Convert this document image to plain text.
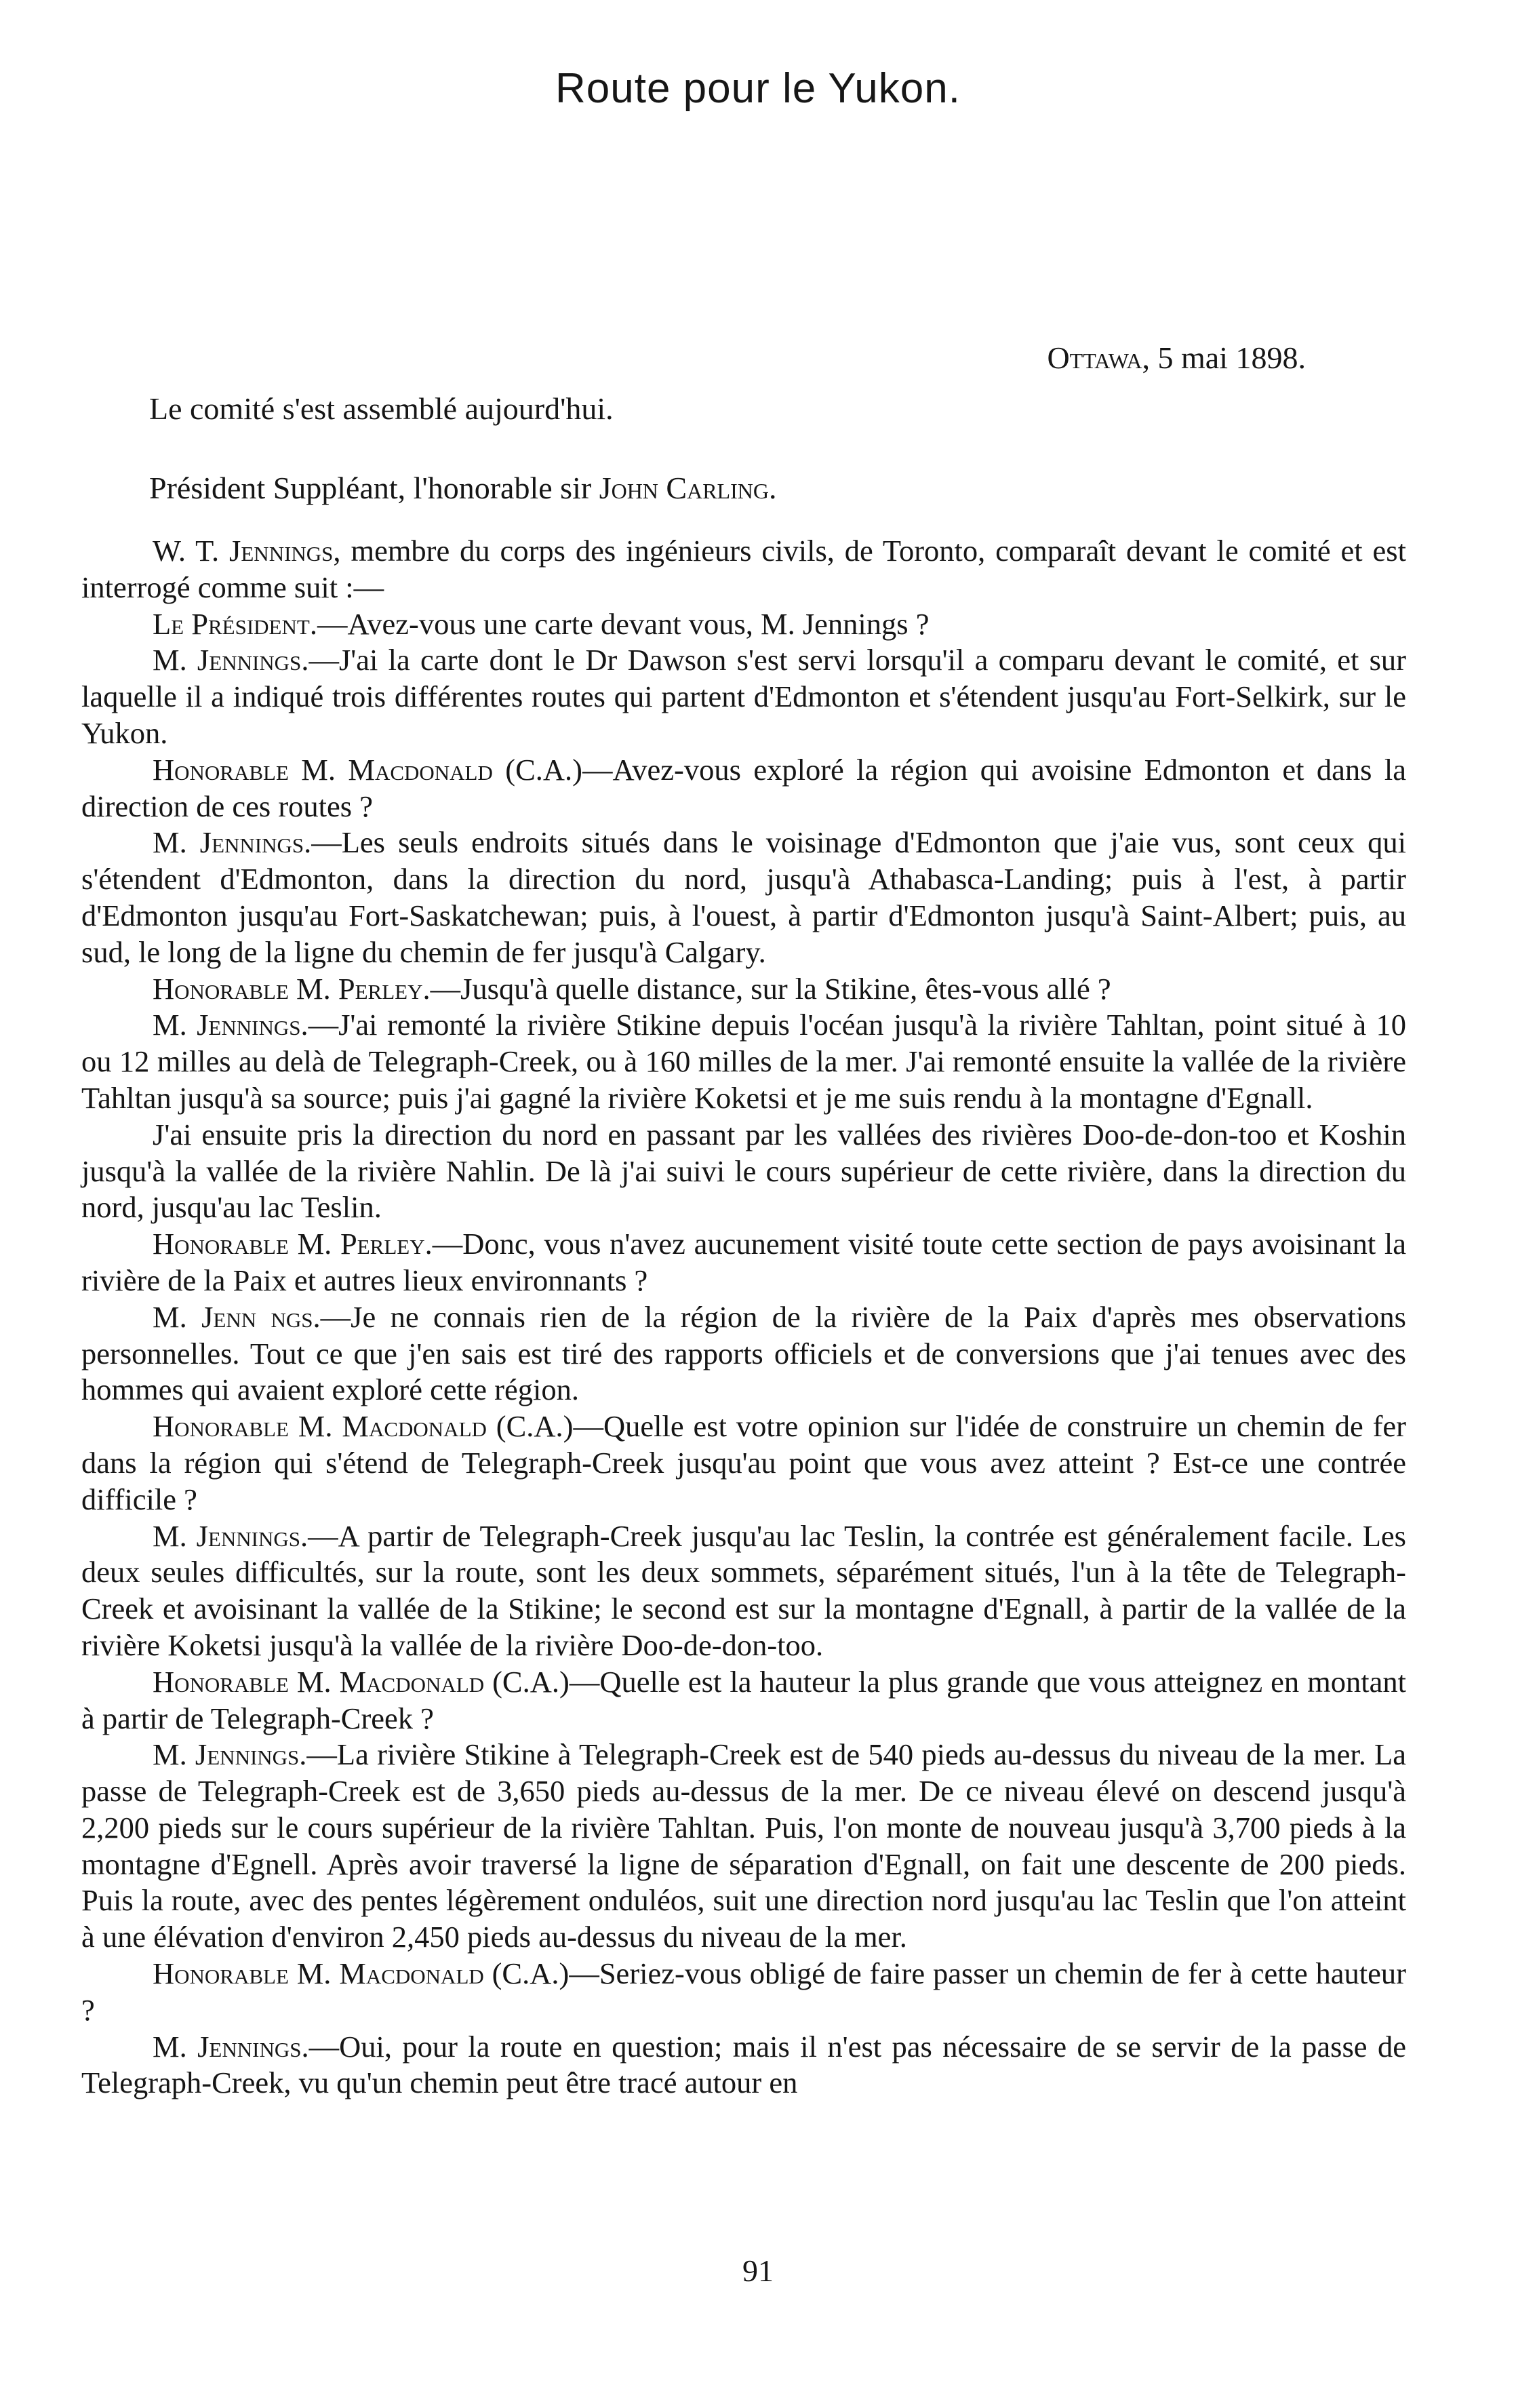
Route pour le Yukon.
Ottawa, 5 mai 1898.
Le comité s'est assemblé aujourd'hui.
Président Suppléant, l'honorable sir John Carling.

W. T. Jennings, membre du corps des ingénieurs civils, de Toronto, comparaît devant le comité et est interrogé comme suit :—

Le Président.—Avez-vous une carte devant vous, M. Jennings ?

M. Jennings.—J'ai la carte dont le Dr Dawson s'est servi lorsqu'il a comparu devant le comité, et sur laquelle il a indiqué trois différentes routes qui partent d'Edmonton et s'étendent jusqu'au Fort-Selkirk, sur le Yukon.

Honorable M. Macdonald (C.A.)—Avez-vous exploré la région qui avoisine Edmonton et dans la direction de ces routes ?

M. Jennings.—Les seuls endroits situés dans le voisinage d'Edmonton que j'aie vus, sont ceux qui s'étendent d'Edmonton, dans la direction du nord, jusqu'à Athabasca-Landing; puis à l'est, à partir d'Edmonton jusqu'au Fort-Saskatchewan; puis, à l'ouest, à partir d'Edmonton jusqu'à Saint-Albert; puis, au sud, le long de la ligne du chemin de fer jusqu'à Calgary.

Honorable M. Perley.—Jusqu'à quelle distance, sur la Stikine, êtes-vous allé ?

M. Jennings.—J'ai remonté la rivière Stikine depuis l'océan jusqu'à la rivière Tahltan, point situé à 10 ou 12 milles au delà de Telegraph-Creek, ou à 160 milles de la mer. J'ai remonté ensuite la vallée de la rivière Tahltan jusqu'à sa source; puis j'ai gagné la rivière Koketsi et je me suis rendu à la montagne d'Egnall.

J'ai ensuite pris la direction du nord en passant par les vallées des rivières Doo-de-don-too et Koshin jusqu'à la vallée de la rivière Nahlin. De là j'ai suivi le cours supérieur de cette rivière, dans la direction du nord, jusqu'au lac Teslin.

Honorable M. Perley.—Donc, vous n'avez aucunement visité toute cette section de pays avoisinant la rivière de la Paix et autres lieux environnants ?

M. Jenn ngs.—Je ne connais rien de la région de la rivière de la Paix d'après mes observations personnelles. Tout ce que j'en sais est tiré des rapports officiels et de conversions que j'ai tenues avec des hommes qui avaient exploré cette région.

Honorable M. Macdonald (C.A.)—Quelle est votre opinion sur l'idée de construire un chemin de fer dans la région qui s'étend de Telegraph-Creek jusqu'au point que vous avez atteint ? Est-ce une contrée difficile ?

M. Jennings.—A partir de Telegraph-Creek jusqu'au lac Teslin, la contrée est généralement facile. Les deux seules difficultés, sur la route, sont les deux sommets, séparément situés, l'un à la tête de Telegraph-Creek et avoisinant la vallée de la Stikine; le second est sur la montagne d'Egnall, à partir de la vallée de la rivière Koketsi jusqu'à la vallée de la rivière Doo-de-don-too.

Honorable M. Macdonald (C.A.)—Quelle est la hauteur la plus grande que vous atteignez en montant à partir de Telegraph-Creek ?

M. Jennings.—La rivière Stikine à Telegraph-Creek est de 540 pieds au-dessus du niveau de la mer. La passe de Telegraph-Creek est de 3,650 pieds au-dessus de la mer. De ce niveau élevé on descend jusqu'à 2,200 pieds sur le cours supérieur de la rivière Tahltan. Puis, l'on monte de nouveau jusqu'à 3,700 pieds à la montagne d'Egnell. Après avoir traversé la ligne de séparation d'Egnall, on fait une descente de 200 pieds. Puis la route, avec des pentes légèrement onduléos, suit une direction nord jusqu'au lac Teslin que l'on atteint à une élévation d'environ 2,450 pieds au-dessus du niveau de la mer.

Honorable M. Macdonald (C.A.)—Seriez-vous obligé de faire passer un chemin de fer à cette hauteur ?

M. Jennings.—Oui, pour la route en question; mais il n'est pas nécessaire de se servir de la passe de Telegraph-Creek, vu qu'un chemin peut être tracé autour en

91
